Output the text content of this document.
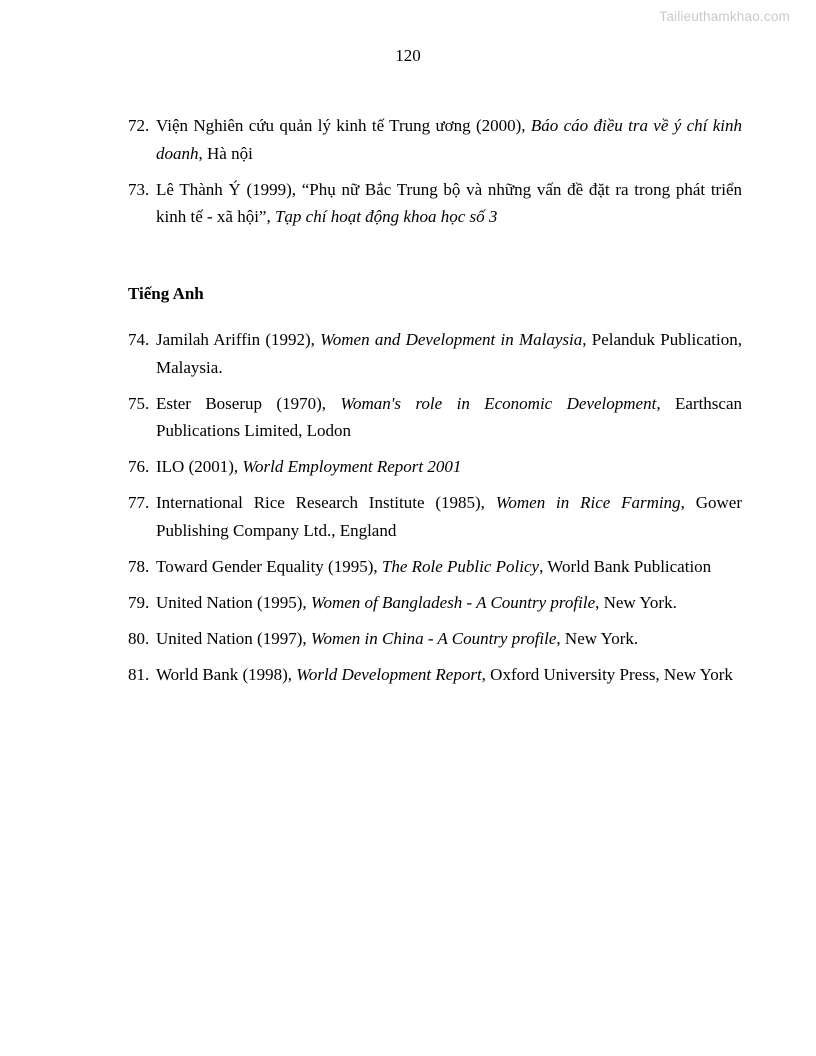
Tailieuthamkhao.com
120
72. Viện Nghiên cứu quản lý kinh tế Trung ương (2000), Báo cáo điều tra về ý chí kinh doanh, Hà nội
73. Lê Thành Ý (1999), “Phụ nữ Bắc Trung bộ và những vấn đề đặt ra trong phát triển kinh tế - xã hội”, Tạp chí hoạt động khoa học số 3
Tiếng Anh
74. Jamilah Ariffin (1992), Women and Development in Malaysia, Pelanduk Publication, Malaysia.
75. Ester Boserup (1970), Woman's role in Economic Development, Earthscan Publications Limited, Lodon
76. ILO (2001), World Employment Report 2001
77. International Rice Research Institute (1985), Women in Rice Farming, Gower Publishing Company Ltd., England
78. Toward Gender Equality (1995), The Role Public Policy, World Bank Publication
79. United Nation (1995), Women of Bangladesh - A Country profile, New York.
80. United Nation (1997), Women in China - A Country profile, New York.
81. World Bank (1998), World Development Report, Oxford University Press, New York
